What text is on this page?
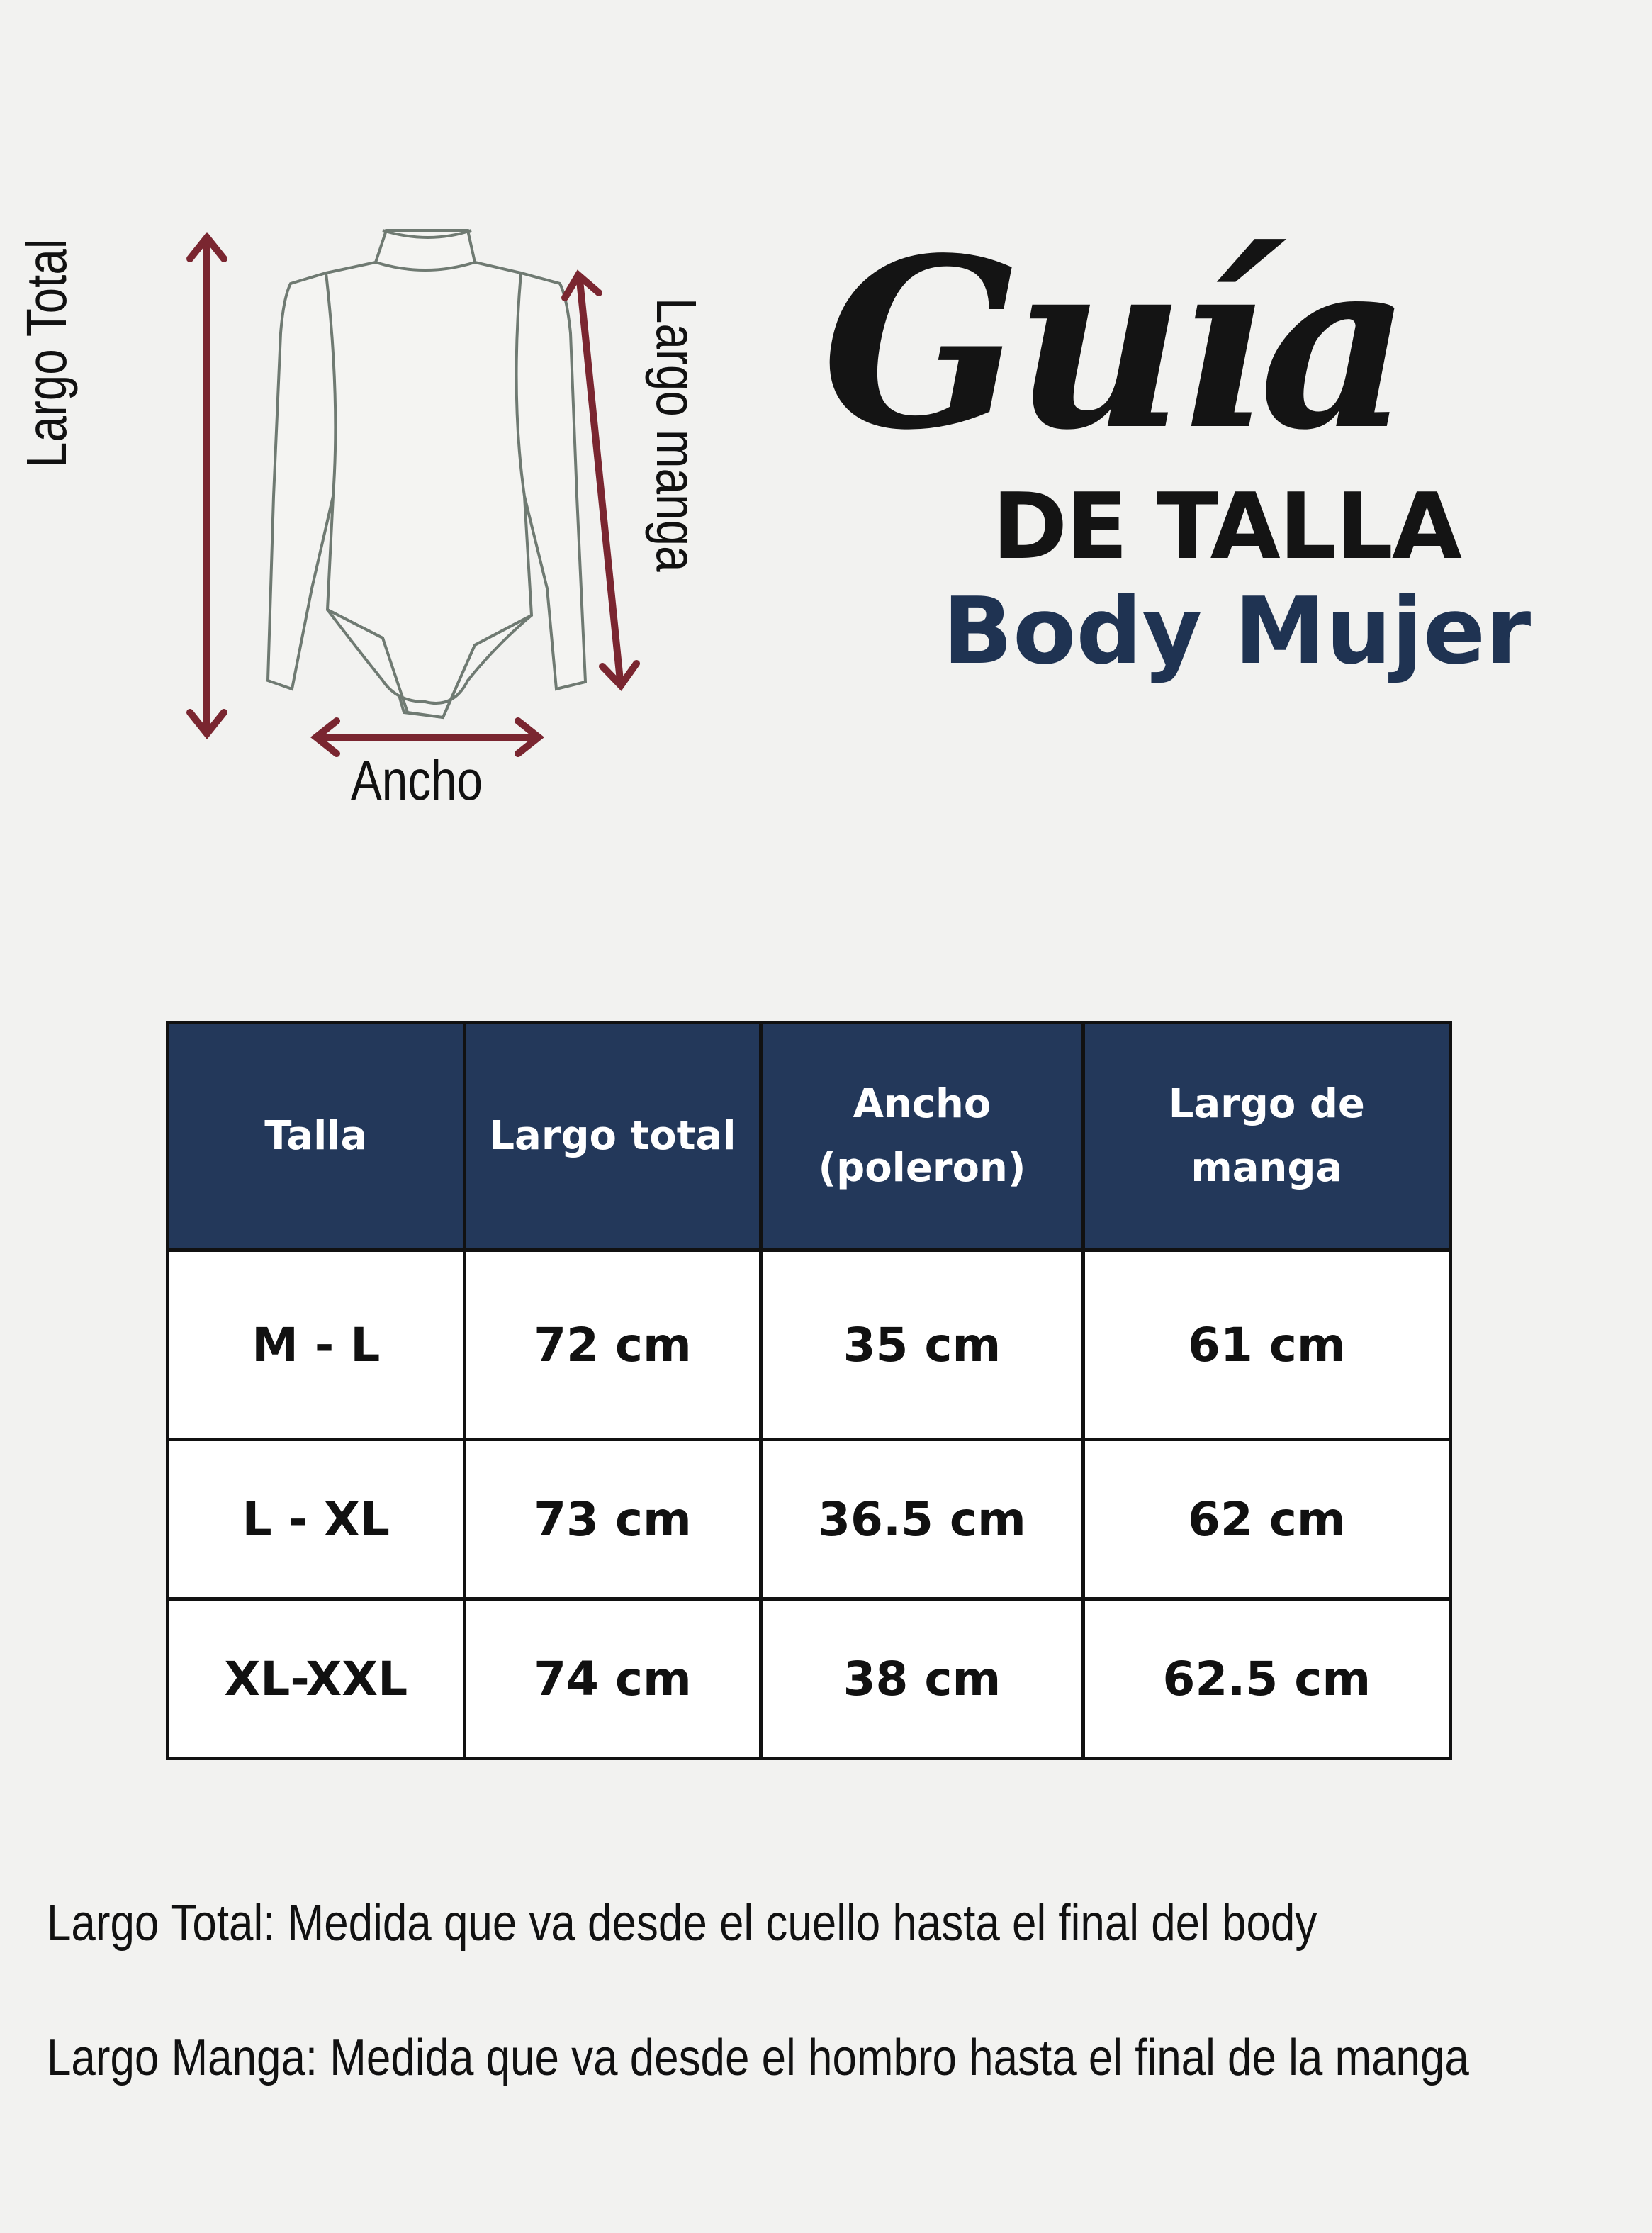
Largo Total	Largo manga
Ancho
Guía
DE TALLA
Body Mujer
Talla	Largo total	Ancho (poleron)	Largo de manga
M - L	72 cm	35 cm	61 cm
L - XL	73 cm	36.5 cm	62 cm
XL-XXL	74 cm	38 cm	62.5 cm
Largo Total: Medida que va desde el cuello hasta el final del body
Largo Manga: Medida que va desde el hombro hasta el final de la manga
